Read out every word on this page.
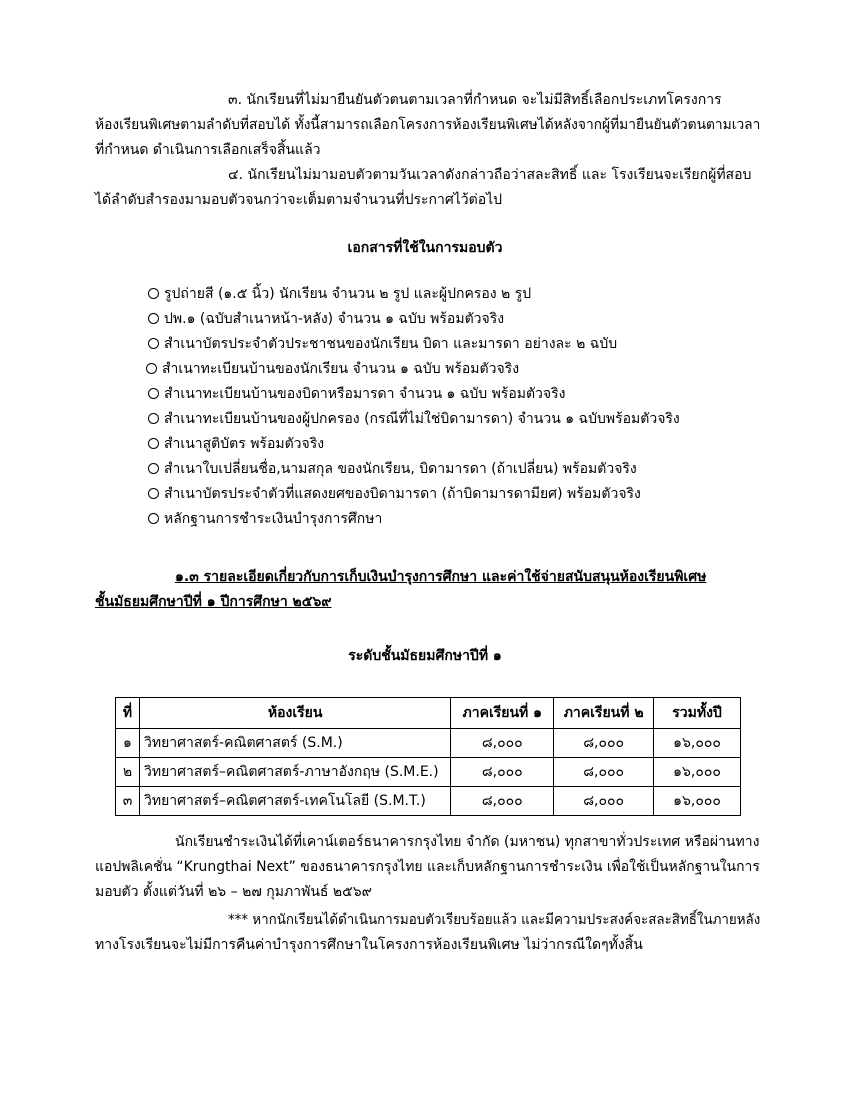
๓. นักเรียนที่ไม่มายืนยันตัวตนตามเวลาที่กำหนด จะไม่มีสิทธิ์เลือกประเภทโครงการ
ห้องเรียนพิเศษตามลำดับที่สอบได้ ทั้งนี้สามารถเลือกโครงการห้องเรียนพิเศษได้หลังจากผู้ที่มายืนยันตัวตนตามเวลา
ที่กำหนด ดำเนินการเลือกเสร็จสิ้นแล้ว
๔. นักเรียนไม่มามอบตัวตามวันเวลาดังกล่าวถือว่าสละสิทธิ์ และ โรงเรียนจะเรียกผู้ที่สอบ
ได้ลำดับสำรองมามอบตัวจนกว่าจะเต็มตามจำนวนที่ประกาศไว้ต่อไป
เอกสารที่ใช้ในการมอบตัว
รูปถ่ายสี (๑.๕ นิ้ว) นักเรียน จำนวน ๒ รูป และผู้ปกครอง ๒ รูป
ปพ.๑ (ฉบับสำเนาหน้า-หลัง) จำนวน ๑ ฉบับ พร้อมตัวจริง
สำเนาบัตรประจำตัวประชาชนของนักเรียน บิดา และมารดา อย่างละ ๒ ฉบับ
สำเนาทะเบียนบ้านของนักเรียน จำนวน ๑ ฉบับ พร้อมตัวจริง
สำเนาทะเบียนบ้านของบิดาหรือมารดา จำนวน ๑ ฉบับ พร้อมตัวจริง
สำเนาทะเบียนบ้านของผู้ปกครอง (กรณีที่ไม่ใช่บิดามารดา) จำนวน ๑ ฉบับพร้อมตัวจริง
สำเนาสูติบัตร พร้อมตัวจริง
สำเนาใบเปลี่ยนชื่อ,นามสกุล ของนักเรียน, บิดามารดา (ถ้าเปลี่ยน) พร้อมตัวจริง
สำเนาบัตรประจำตัวที่แสดงยศของบิดามารดา (ถ้าบิดามารดามียศ) พร้อมตัวจริง
หลักฐานการชำระเงินบำรุงการศึกษา
๑.๓ รายละเอียดเกี่ยวกับการเก็บเงินบำรุงการศึกษา และค่าใช้จ่ายสนับสนุนห้องเรียนพิเศษ
ชั้นมัธยมศึกษาปีที่ ๑ ปีการศึกษา ๒๕๖๙
ระดับชั้นมัธยมศึกษาปีที่ ๑
ที่	ห้องเรียน	ภาคเรียนที่ ๑	ภาคเรียนที่ ๒	รวมทั้งปี
๑	วิทยาศาสตร์-คณิตศาสตร์ (S.M.)	๘,๐๐๐	๘,๐๐๐	๑๖,๐๐๐
๒	วิทยาศาสตร์–คณิตศาสตร์-ภาษาอังกฤษ (S.M.E.)	๘,๐๐๐	๘,๐๐๐	๑๖,๐๐๐
๓	วิทยาศาสตร์–คณิตศาสตร์-เทคโนโลยี (S.M.T.)	๘,๐๐๐	๘,๐๐๐	๑๖,๐๐๐
นักเรียนชำระเงินได้ที่เคาน์เตอร์ธนาคารกรุงไทย จำกัด (มหาชน) ทุกสาขาทั่วประเทศ หรือผ่านทาง
แอปพลิเคชั่น “Krungthai Next” ของธนาคารกรุงไทย และเก็บหลักฐานการชำระเงิน เพื่อใช้เป็นหลักฐานในการ
มอบตัว ตั้งแต่วันที่ ๒๖ – ๒๗ กุมภาพันธ์ ๒๕๖๙
*** หากนักเรียนได้ดำเนินการมอบตัวเรียบร้อยแล้ว และมีความประสงค์จะสละสิทธิ์ในภายหลัง
ทางโรงเรียนจะไม่มีการคืนค่าบำรุงการศึกษาในโครงการห้องเรียนพิเศษ ไม่ว่ากรณีใดๆทั้งสิ้น
